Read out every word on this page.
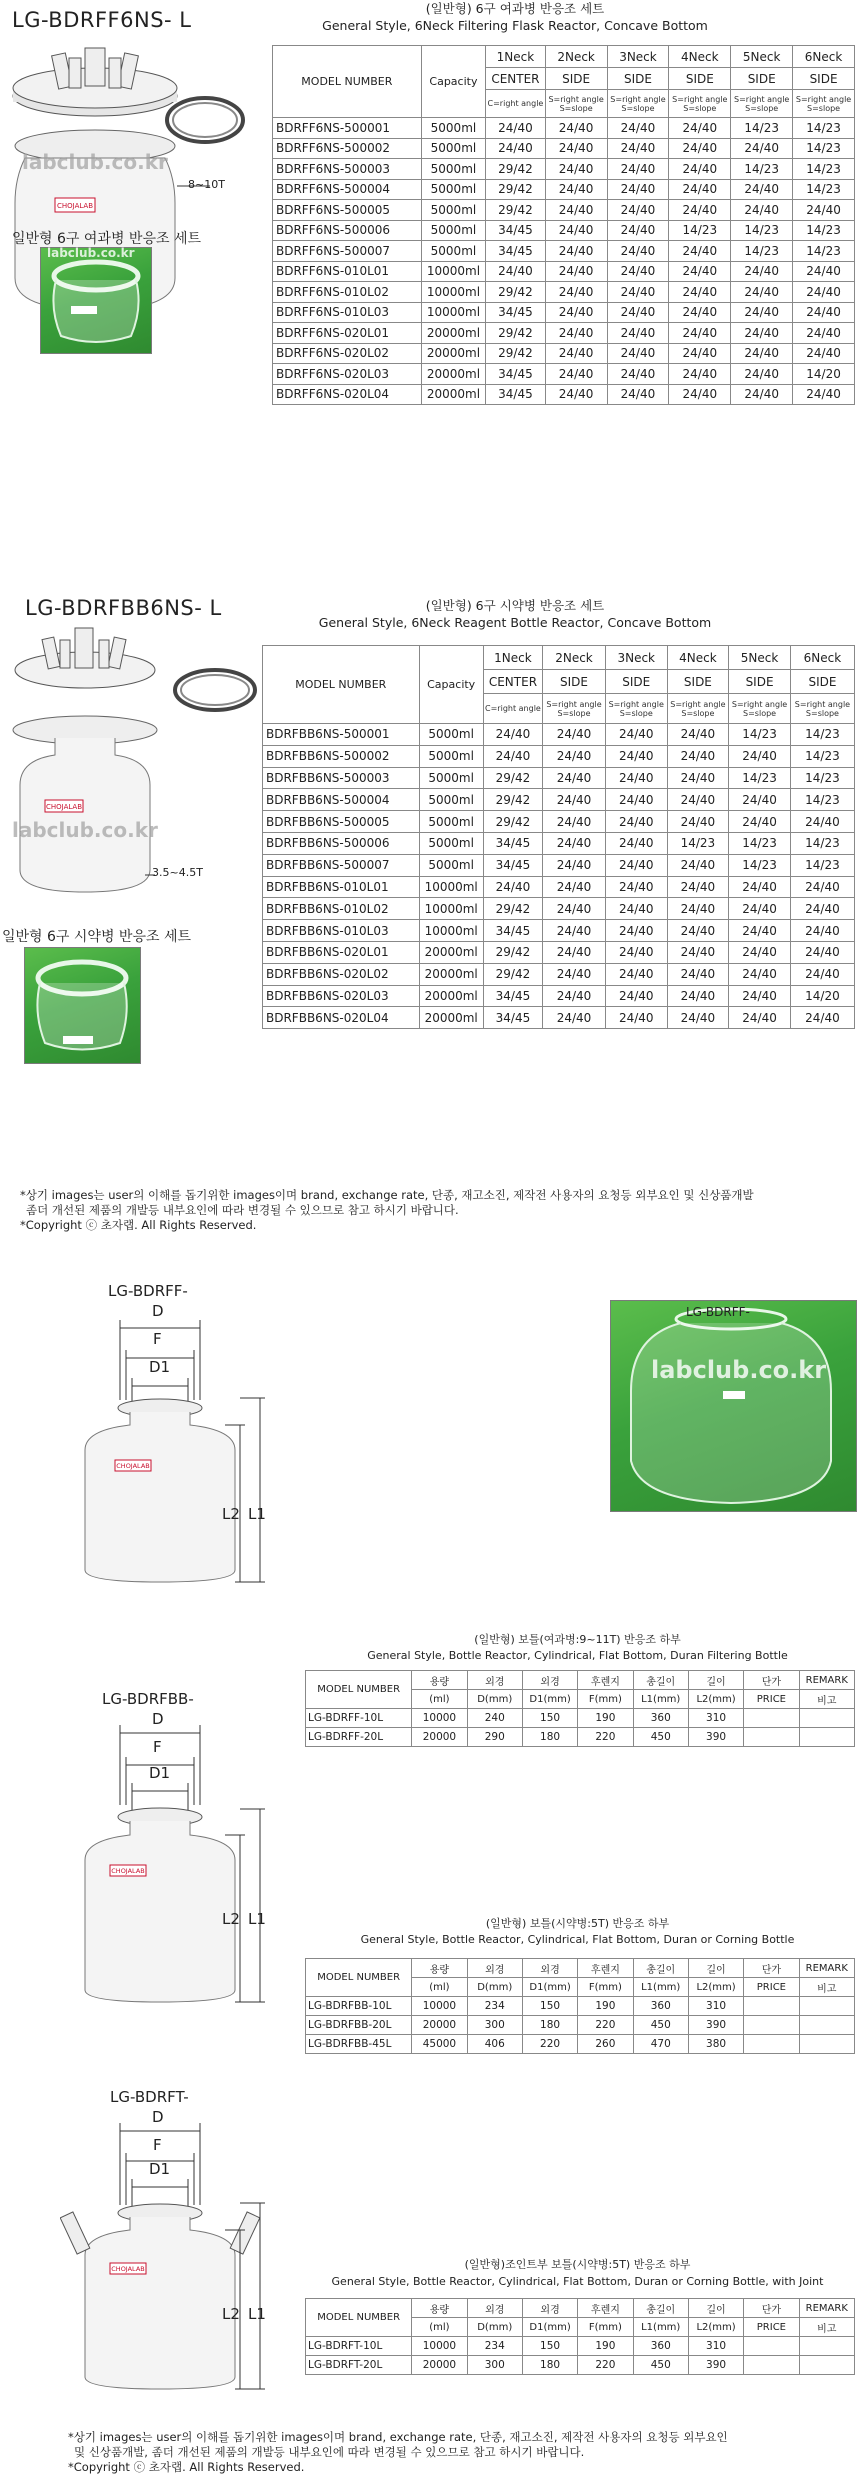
LG-BDRFF6NS- L
CHOJALAB
labclub.co.kr
8~10T
일반형 6구 여과병 반응조 세트
labclub.co.kr
(일반형) 6구 여과병 반응조 세트
General Style, 6Neck Filtering Flask Reactor, Concave Bottom
MODEL NUMBER	Capacity	1Neck	2Neck	3Neck	4Neck	5Neck	6Neck
		CENTER	SIDE	SIDE	SIDE	SIDE	SIDE
		C=right angle	S=right angle S=slope	S=right angle S=slope	S=right angle S=slope	S=right angle S=slope	S=right angle S=slope
BDRFF6NS-500001	5000ml	24/40	24/40	24/40	24/40	14/23	14/23
BDRFF6NS-500002	5000ml	24/40	24/40	24/40	24/40	24/40	14/23
BDRFF6NS-500003	5000ml	29/42	24/40	24/40	24/40	14/23	14/23
BDRFF6NS-500004	5000ml	29/42	24/40	24/40	24/40	24/40	14/23
BDRFF6NS-500005	5000ml	29/42	24/40	24/40	24/40	24/40	24/40
BDRFF6NS-500006	5000ml	34/45	24/40	24/40	14/23	14/23	14/23
BDRFF6NS-500007	5000ml	34/45	24/40	24/40	24/40	14/23	14/23
BDRFF6NS-010L01	10000ml	24/40	24/40	24/40	24/40	24/40	24/40
BDRFF6NS-010L02	10000ml	29/42	24/40	24/40	24/40	24/40	24/40
BDRFF6NS-010L03	10000ml	34/45	24/40	24/40	24/40	24/40	24/40
BDRFF6NS-020L01	20000ml	29/42	24/40	24/40	24/40	24/40	24/40
BDRFF6NS-020L02	20000ml	29/42	24/40	24/40	24/40	24/40	24/40
BDRFF6NS-020L03	20000ml	34/45	24/40	24/40	24/40	24/40	14/20
BDRFF6NS-020L04	20000ml	34/45	24/40	24/40	24/40	24/40	24/40
LG-BDRFBB6NS- L	(일반형) 6구 시약병 반응조 세트
General Style, 6Neck Reagent Bottle Reactor, Concave Bottom
CHOJALAB
labclub.co.kr
3.5~4.5T
일반형 6구 시약병 반응조 세트
MODEL NUMBER	Capacity	1Neck	2Neck	3Neck	4Neck	5Neck	6Neck
		CENTER	SIDE	SIDE	SIDE	SIDE	SIDE
		C=right angle	S=right angle S=slope	S=right angle S=slope	S=right angle S=slope	S=right angle S=slope	S=right angle S=slope
BDRFBB6NS-500001	5000ml	24/40	24/40	24/40	24/40	14/23	14/23
BDRFBB6NS-500002	5000ml	24/40	24/40	24/40	24/40	24/40	14/23
BDRFBB6NS-500003	5000ml	29/42	24/40	24/40	24/40	14/23	14/23
BDRFBB6NS-500004	5000ml	29/42	24/40	24/40	24/40	24/40	14/23
BDRFBB6NS-500005	5000ml	29/42	24/40	24/40	24/40	24/40	24/40
BDRFBB6NS-500006	5000ml	34/45	24/40	24/40	14/23	14/23	14/23
BDRFBB6NS-500007	5000ml	34/45	24/40	24/40	24/40	14/23	14/23
BDRFBB6NS-010L01	10000ml	24/40	24/40	24/40	24/40	24/40	24/40
BDRFBB6NS-010L02	10000ml	29/42	24/40	24/40	24/40	24/40	24/40
BDRFBB6NS-010L03	10000ml	34/45	24/40	24/40	24/40	24/40	24/40
BDRFBB6NS-020L01	20000ml	29/42	24/40	24/40	24/40	24/40	24/40
BDRFBB6NS-020L02	20000ml	29/42	24/40	24/40	24/40	24/40	24/40
BDRFBB6NS-020L03	20000ml	34/45	24/40	24/40	24/40	24/40	14/20
BDRFBB6NS-020L04	20000ml	34/45	24/40	24/40	24/40	24/40	24/40
*상기 images는 user의 이해를 돕기위한 images이며 brand, exchange rate, 단종, 재고소진, 제작전 사용자의 요청등 외부요인 및 신상품개발
좀더 개선된 제품의 개발등 내부요인에 따라 변경될 수 있으므로 참고 하시기 바랍니다.
*Copyright ⓒ 초자랩. All Rights Reserved.
LG-BDRFF-
CHOJALAB
D
F
D1
L2 L1
LG-BDRFF-
labclub.co.kr
(일반형) 보틀(여과병:9~11T) 반응조 하부
General Style, Bottle Reactor, Cylindrical, Flat Bottom, Duran Filtering Bottle
MODEL NUMBER	용량	외경	외경	후렌지	총길이	길이	단가	REMARK
	(ml)	D(mm)	D1(mm)	F(mm)	L1(mm)	L2(mm)	PRICE	비고
LG-BDRFF-10L	10000	240	150	190	360	310		
LG-BDRFF-20L	20000	290	180	220	450	390		
LG-BDRFBB-
CHOJALAB
D
F
D1
L2 L1	(일반형) 보틀(시약병:5T) 반응조 하부
General Style, Bottle Reactor, Cylindrical, Flat Bottom, Duran or Corning Bottle
MODEL NUMBER	용량	외경	외경	후렌지	총길이	길이	단가	REMARK
	(ml)	D(mm)	D1(mm)	F(mm)	L1(mm)	L2(mm)	PRICE	비고
LG-BDRFBB-10L	10000	234	150	190	360	310		
LG-BDRFBB-20L	20000	300	180	220	450	390		
LG-BDRFBB-45L	45000	406	220	260	470	380		
LG-BDRFT-
CHOJALAB
D
F
D1
L2 L1
(일반형)조인트부 보틀(시약병:5T) 반응조 하부
General Style, Bottle Reactor, Cylindrical, Flat Bottom, Duran or Corning Bottle, with Joint
MODEL NUMBER	용량	외경	외경	후렌지	총길이	길이	단가	REMARK
	(ml)	D(mm)	D1(mm)	F(mm)	L1(mm)	L2(mm)	PRICE	비고
LG-BDRFT-10L	10000	234	150	190	360	310		
LG-BDRFT-20L	20000	300	180	220	450	390		
*상기 images는 user의 이해를 돕기위한 images이며 brand, exchange rate, 단종, 재고소진, 제작전 사용자의 요청등 외부요인
및 신상품개발, 좀더 개선된 제품의 개발등 내부요인에 따라 변경될 수 있으므로 참고 하시기 바랍니다.
*Copyright ⓒ 초자랩. All Rights Reserved.
